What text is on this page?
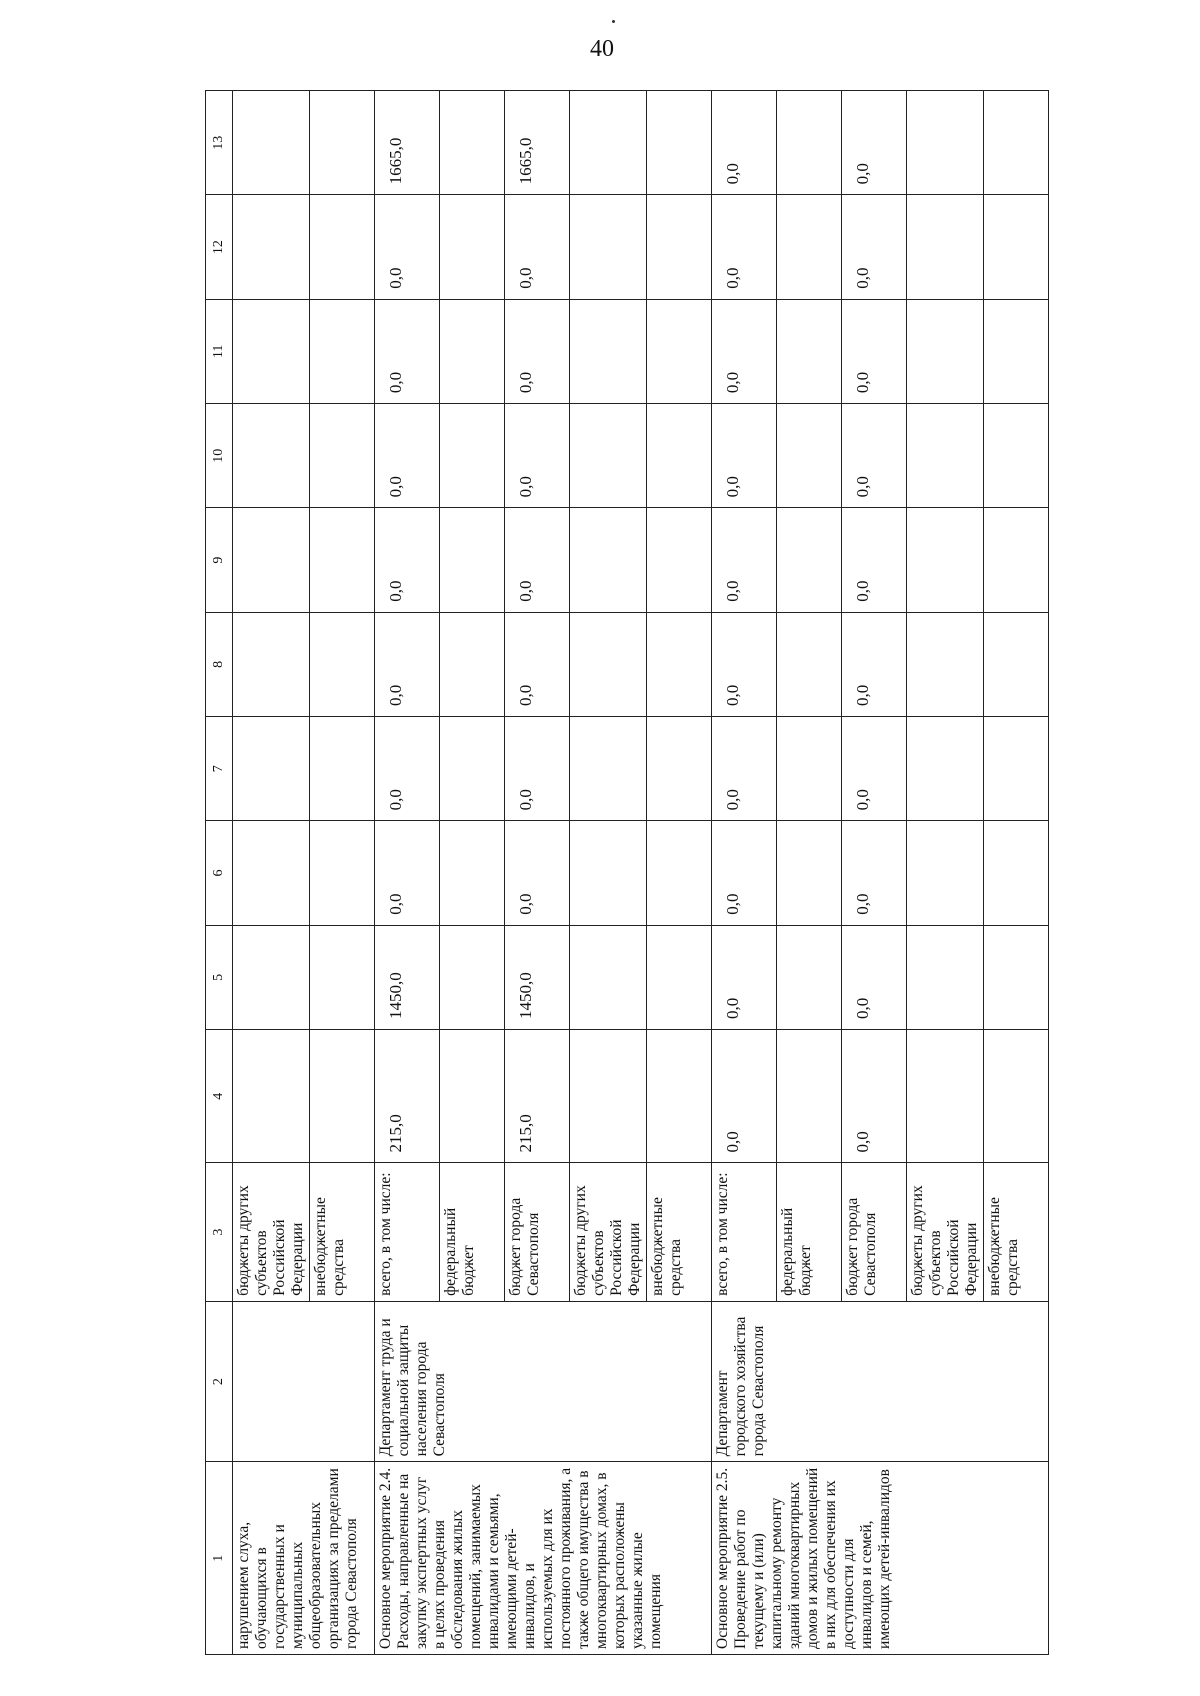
40
1	2	3	4	5	6	7	8	9	10	11	12	13
нарушением слуха, обучающихся в государственных и муниципальных общеобразовательных организациях за пределами города Севастополя		бюджеты других субъектов Российской Федерации										
		внебюджетные средства										
Основное мероприятие 2.4. Расходы, направленные на закупку экспертных услуг в целях проведения обследования жилых помещений, занимаемых инвалидами и семьями, имеющими детей-инвалидов, и используемых для их постоянного проживания, а также общего имущества в многоквартирных домах, в которых расположены указанные жилые помещения	Департамент труда и социальной защиты населения города Севастополя	всего, в том числе:	215,0	1450,0	0,0	0,0	0,0	0,0	0,0	0,0	0,0	1665,0
		федеральный бюджет										
		бюджет города Севастополя	215,0	1450,0	0,0	0,0	0,0	0,0	0,0	0,0	0,0	1665,0
		бюджеты других субъектов Российской Федерации										
		внебюджетные средства										
Основное мероприятие 2.5. Проведение работ по текущему и (или) капитальному ремонту зданий многоквартирных домов и жилых помещений в них для обеспечения их доступности для инвалидов и семей, имеющих детей-инвалидов	Департамент городского хозяйства города Севастополя	всего, в том числе:	0,0	0,0	0,0	0,0	0,0	0,0	0,0	0,0	0,0	0,0
		федеральный бюджет										
		бюджет города Севастополя	0,0	0,0	0,0	0,0	0,0	0,0	0,0	0,0	0,0	0,0
		бюджеты других субъектов Российской Федерации										
		внебюджетные средства										
